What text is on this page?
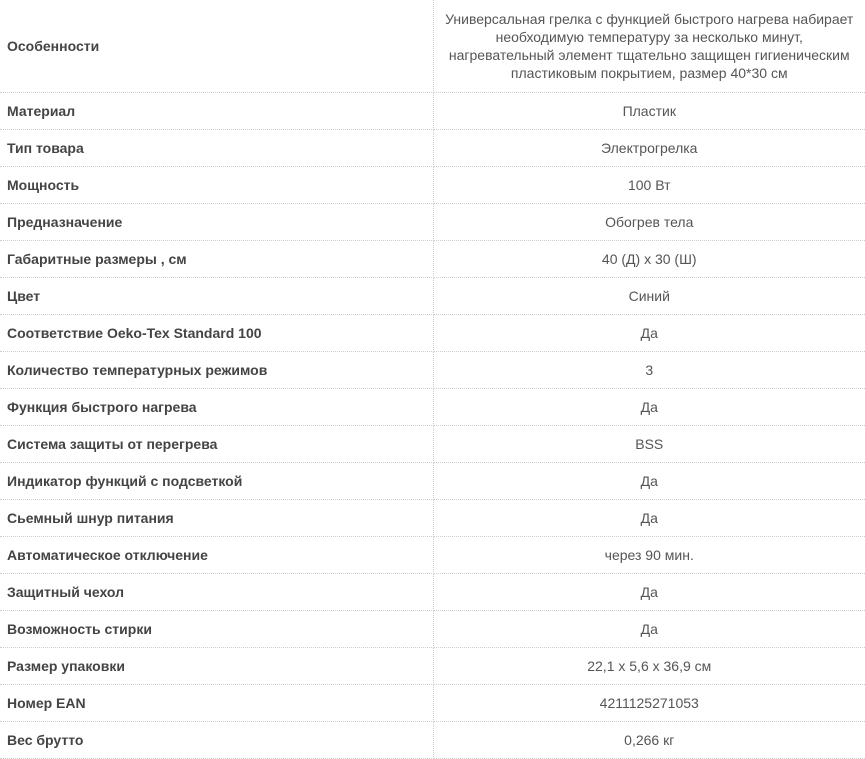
Особенности	Универсальная грелка с функцией быстрого нагрева набирает необходимую температуру за несколько минут, нагревательный элемент тщательно защищен гигиеническим пластиковым покрытием, размер 40*30 см
Материал	Пластик
Тип товара	Электрогрелка
Мощность	100 Вт
Предназначение	Обогрев тела
Габаритные размеры , см	40 (Д) х 30 (Ш)
Цвет	Синий
Соответствие Oeko-Tex Standard 100	Да
Количество температурных режимов	3
Функция быстрого нагрева	Да
Система защиты от перегрева	BSS
Индикатор функций с подсветкой	Да
Сьемный шнур питания	Да
Автоматическое отключение	через 90 мин.
Защитный чехол	Да
Возможность стирки	Да
Размер упаковки	22,1 x 5,6 x 36,9 см
Номер EAN	4211125271053
Вес брутто	0,266 кг
